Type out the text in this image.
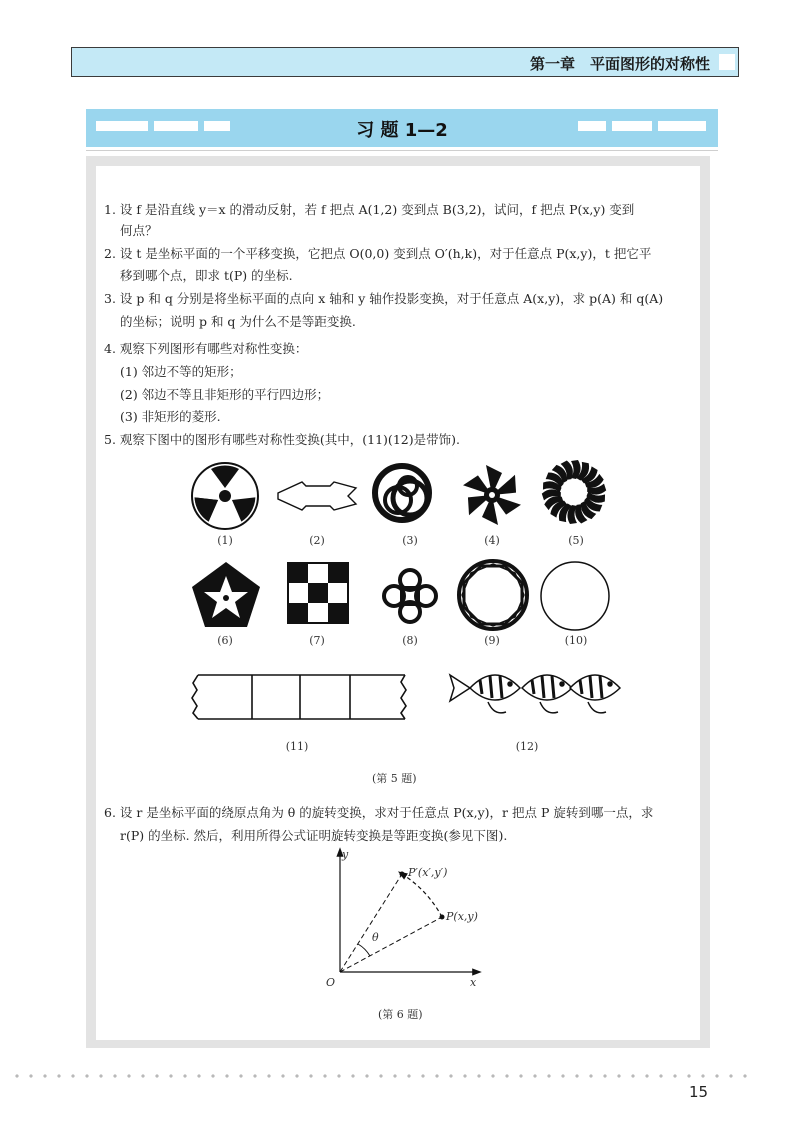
第一章　平面图形的对称性
习 题 1—2
1. 设 f 是沿直线 y＝x 的滑动反射，若 f 把点 A(1,2) 变到点 B(3,2)，试问，f 把点 P(x,y) 变到
何点？
2. 设 t 是坐标平面的一个平移变换，它把点 O(0,0) 变到点 O′(h,k)，对于任意点 P(x,y)，t 把它平
移到哪个点，即求 t(P) 的坐标.
3. 设 p 和 q 分别是将坐标平面的点向 x 轴和 y 轴作投影变换，对于任意点 A(x,y)，求 p(A) 和 q(A)
的坐标；说明 p 和 q 为什么不是等距变换.
4. 观察下列图形有哪些对称性变换：
(1) 邻边不等的矩形；
(2) 邻边不等且非矩形的平行四边形；
(3) 非矩形的菱形.
5. 观察下图中的图形有哪些对称性变换(其中，(11)(12)是带饰).
(1)	(2)	(3)	(4)	(5)
(6)	(7)	(8)	(9)	(10)
(11)	(12)
(第 5 题)
6. 设 r 是坐标平面的绕原点角为 θ 的旋转变换，求对于任意点 P(x,y)，r 把点 P 旋转到哪一点，求
r(P) 的坐标. 然后，利用所得公式证明旋转变换是等距变换(参见下图).
y
x
O
θ
P(x,y)
P′(x′,y′)
(第 6 题)
15
